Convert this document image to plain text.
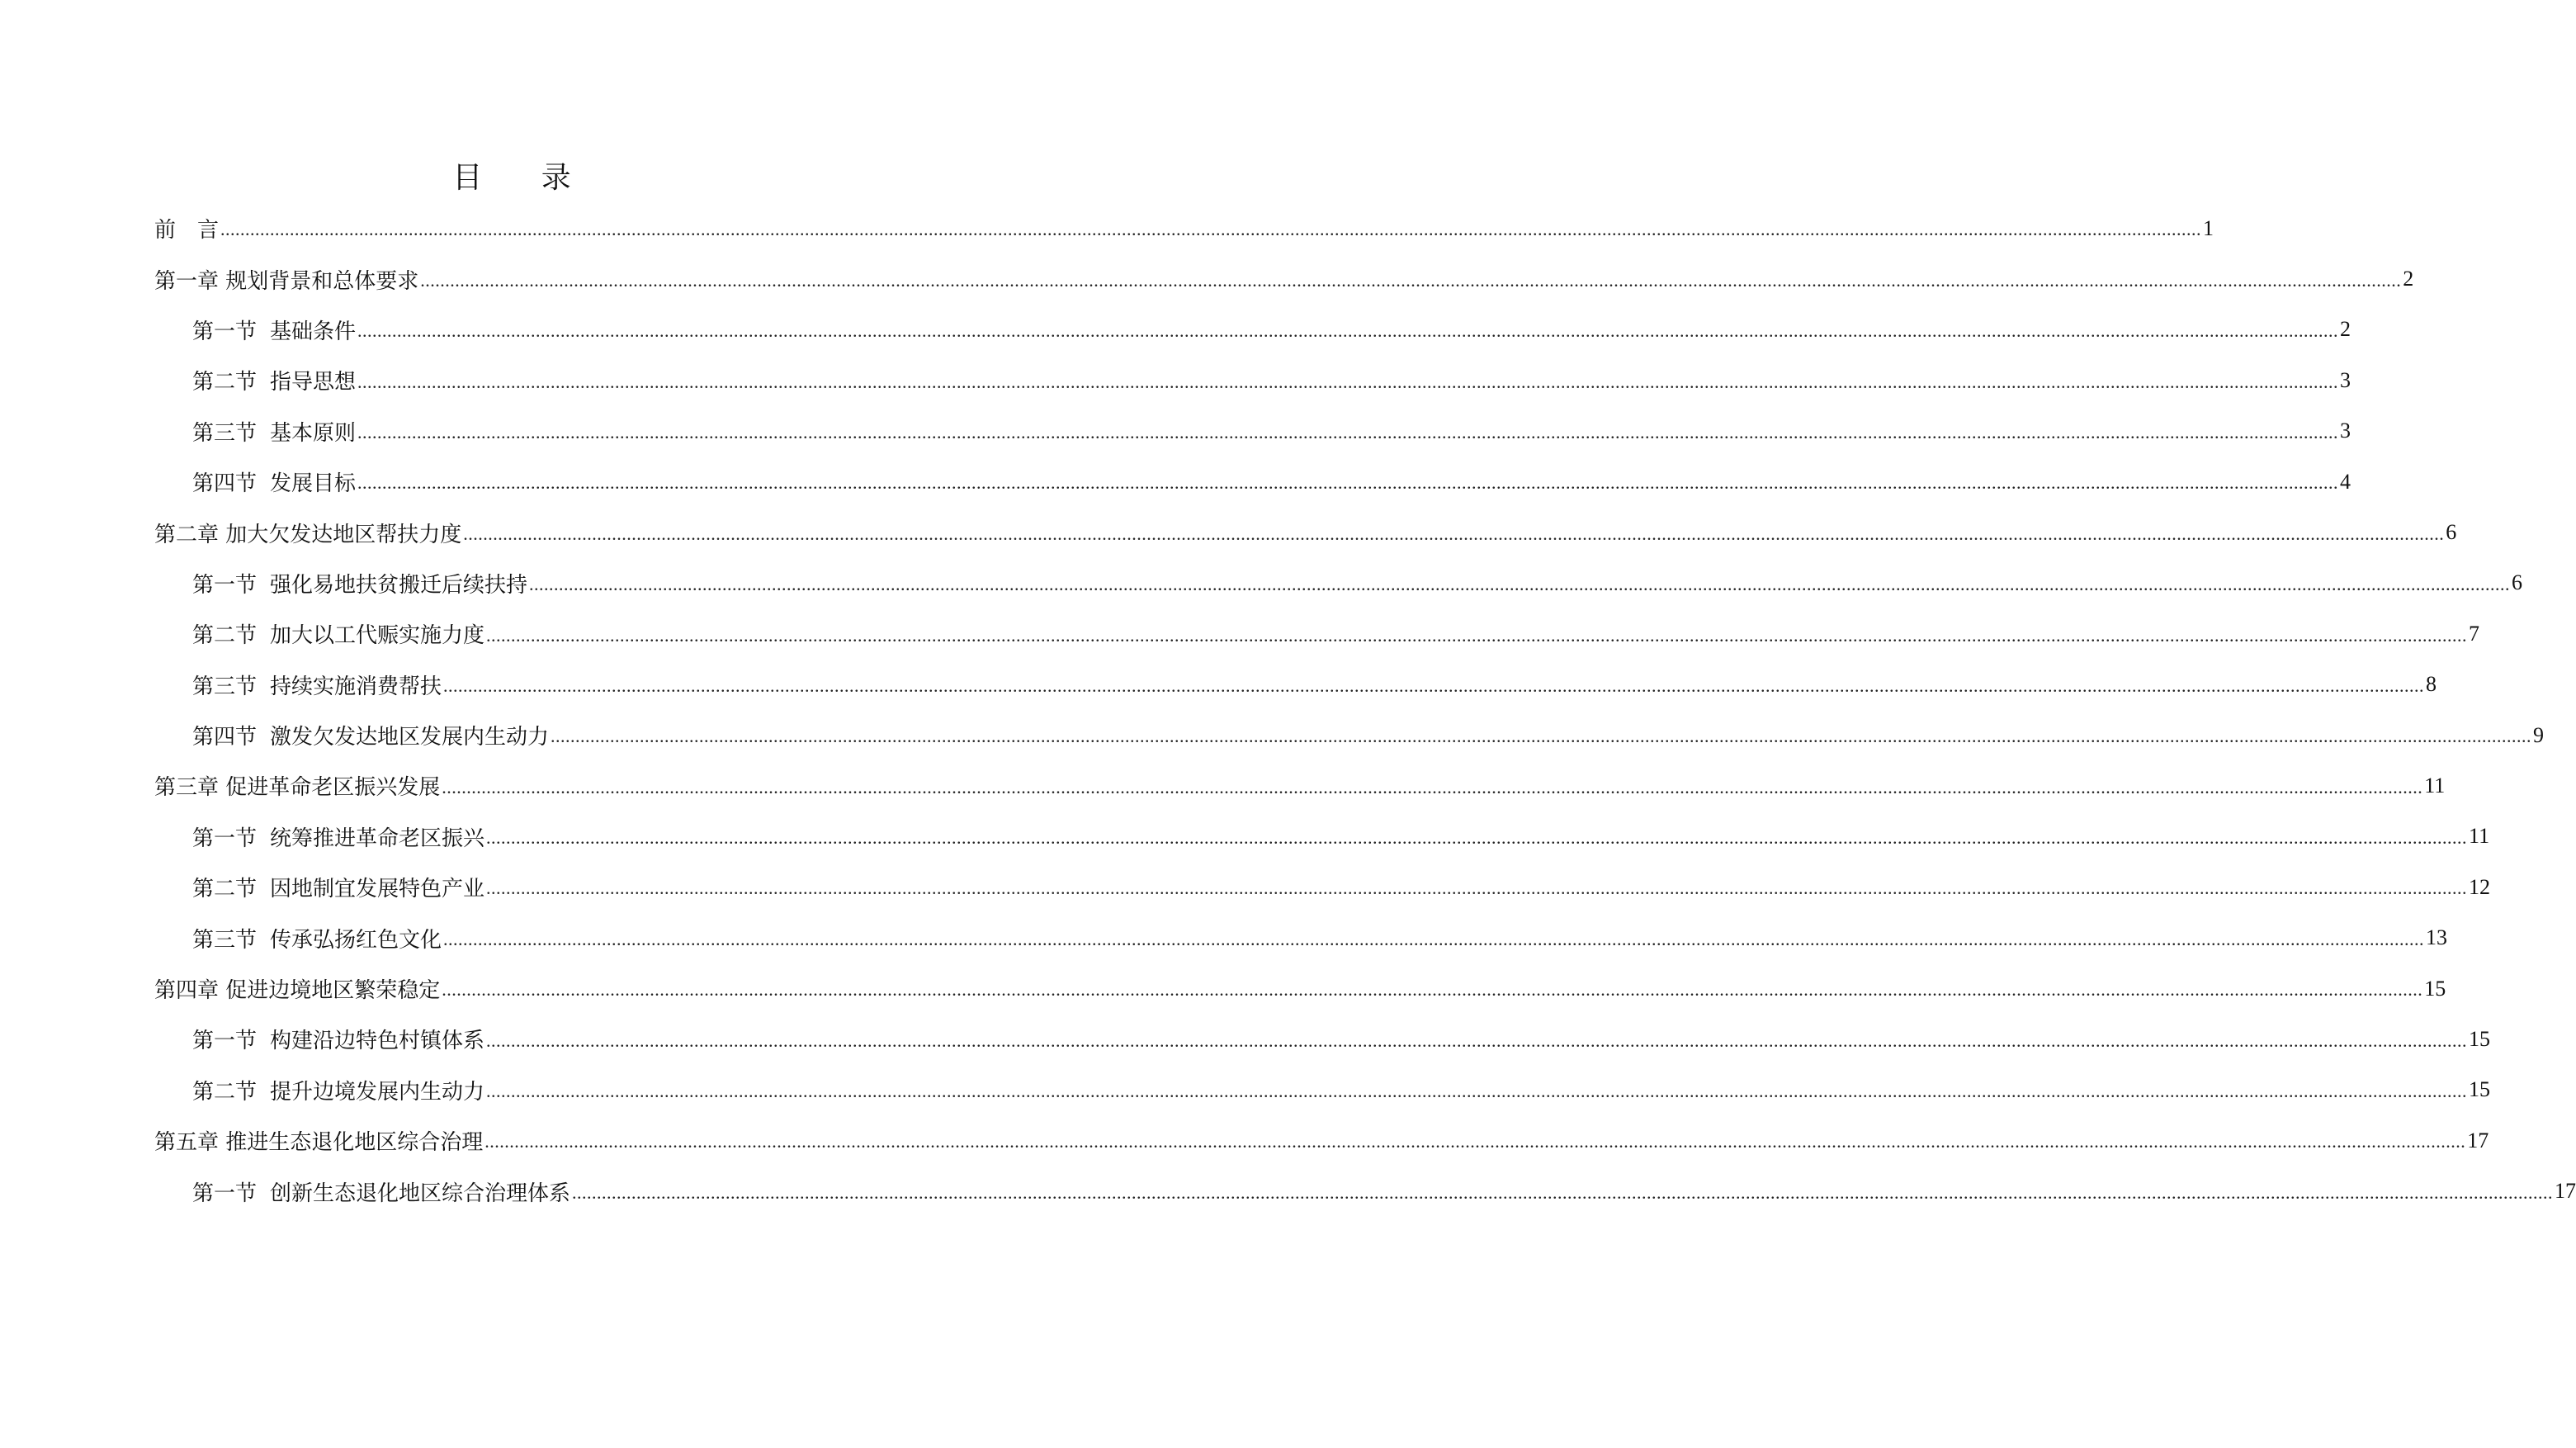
目 录
前　言 ................................................................................................................................................................................................................................................................................................................................................................................................................ 1
第一章 规划背景和总体要求 ................................................................................................................................................................................................................................................................................................................................................................................................................ 2
第一节 基础条件 ................................................................................................................................................................................................................................................................................................................................................................................................................ 2
第二节 指导思想 ................................................................................................................................................................................................................................................................................................................................................................................................................ 3
第三节 基本原则 ................................................................................................................................................................................................................................................................................................................................................................................................................ 3
第四节 发展目标 ................................................................................................................................................................................................................................................................................................................................................................................................................ 4
第二章 加大欠发达地区帮扶力度 ................................................................................................................................................................................................................................................................................................................................................................................................................ 6
第一节 强化易地扶贫搬迁后续扶持 ................................................................................................................................................................................................................................................................................................................................................................................................................ 6
第二节 加大以工代赈实施力度 ................................................................................................................................................................................................................................................................................................................................................................................................................ 7
第三节 持续实施消费帮扶 ................................................................................................................................................................................................................................................................................................................................................................................................................ 8
第四节 激发欠发达地区发展内生动力 ................................................................................................................................................................................................................................................................................................................................................................................................................ 9
第三章 促进革命老区振兴发展 ................................................................................................................................................................................................................................................................................................................................................................................................................ 11
第一节 统筹推进革命老区振兴 ................................................................................................................................................................................................................................................................................................................................................................................................................ 11
第二节 因地制宜发展特色产业 ................................................................................................................................................................................................................................................................................................................................................................................................................ 12
第三节 传承弘扬红色文化 ................................................................................................................................................................................................................................................................................................................................................................................................................ 13
第四章 促进边境地区繁荣稳定 ................................................................................................................................................................................................................................................................................................................................................................................................................ 15
第一节 构建沿边特色村镇体系 ................................................................................................................................................................................................................................................................................................................................................................................................................ 15
第二节 提升边境发展内生动力 ................................................................................................................................................................................................................................................................................................................................................................................................................ 15
第五章 推进生态退化地区综合治理 ................................................................................................................................................................................................................................................................................................................................................................................................................ 17
第一节 创新生态退化地区综合治理体系 ................................................................................................................................................................................................................................................................................................................................................................................................................ 17
